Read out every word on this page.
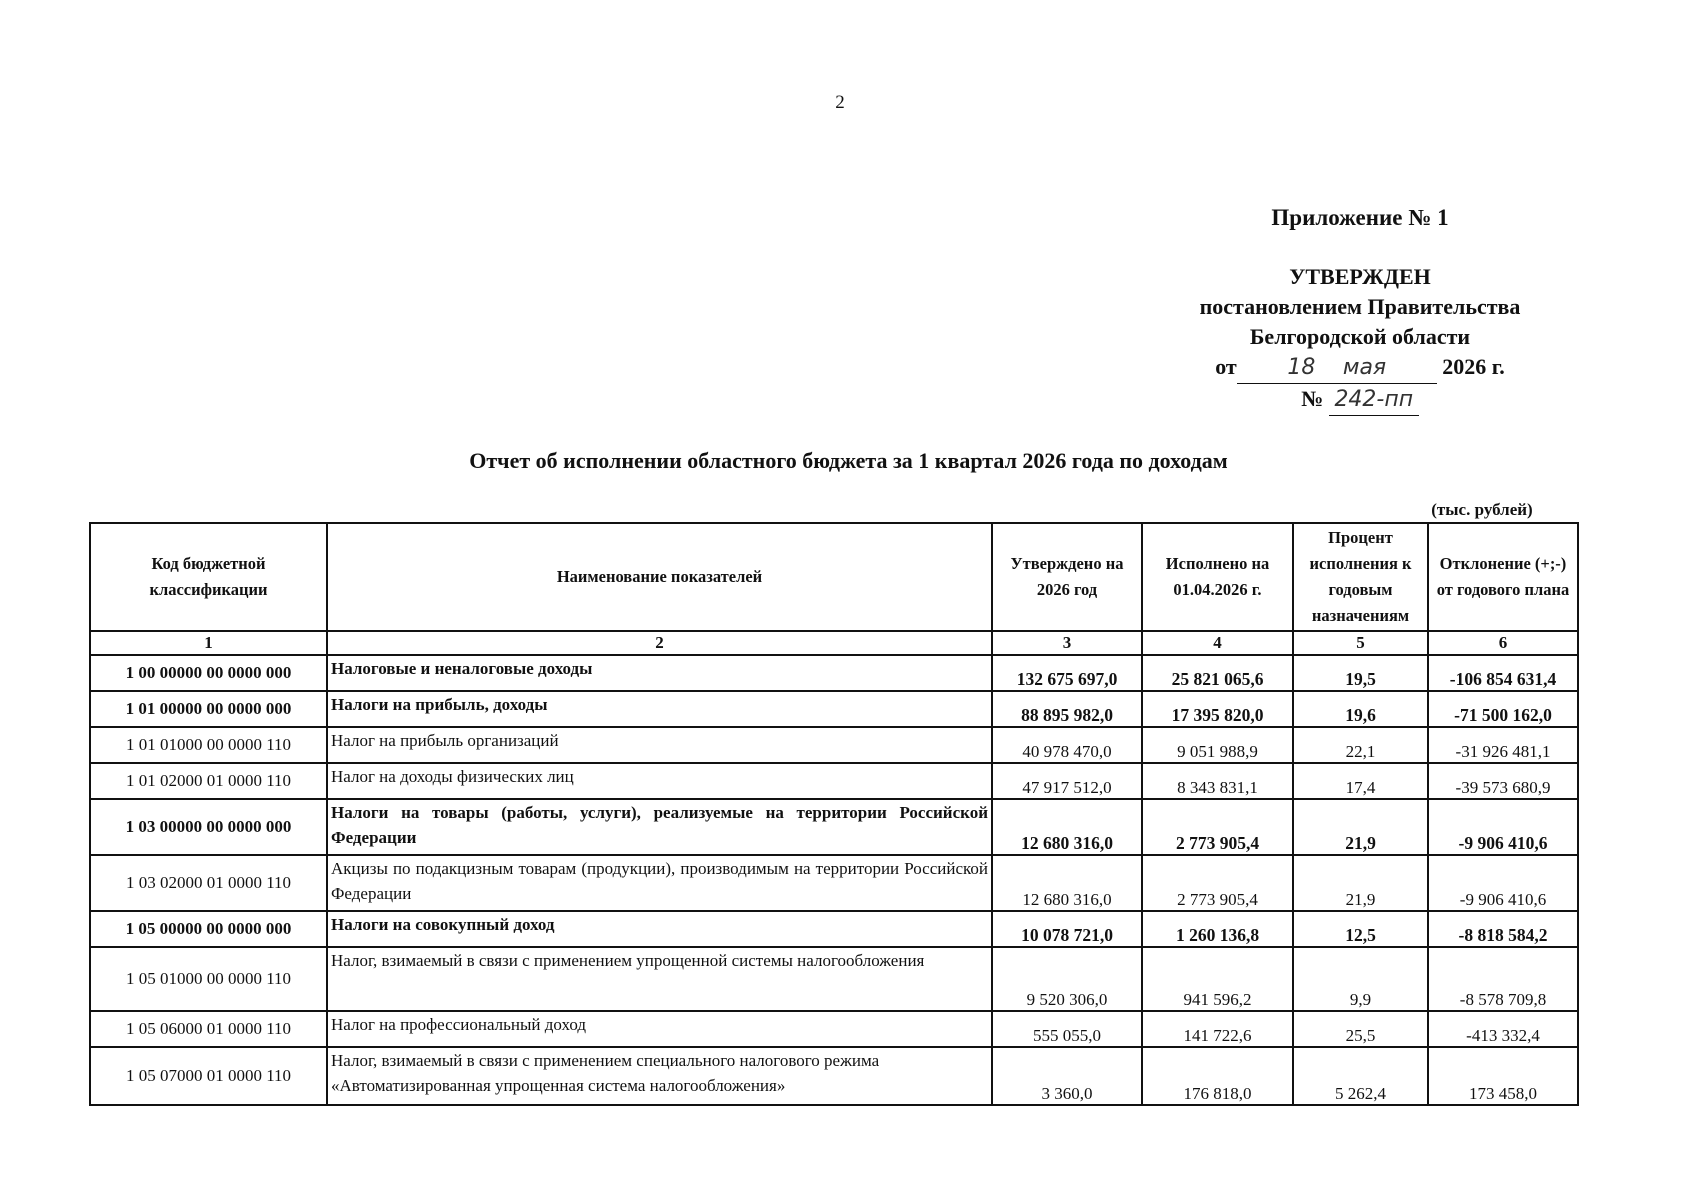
2
Приложение № 1
УТВЕРЖДЕН
постановлением Правительства
Белгородской области
от 18 мая	2026 г.
№ 242-пп
Отчет об исполнении областного бюджета за 1 квартал 2026 года по доходам
(тыс. рублей)
Код бюджетной классификации	Наименование показателей	Утверждено на 2026 год	Исполнено на 01.04.2026 г.	Процент исполнения к годовым назначениям	Отклонение (+;-) от годового плана
1	2	3	4	5	6
1 00 00000 00 0000 000	Налоговые и неналоговые доходы	132 675 697,0	25 821 065,6	19,5	-106 854 631,4
1 01 00000 00 0000 000	Налоги на прибыль, доходы	88 895 982,0	17 395 820,0	19,6	-71 500 162,0
1 01 01000 00 0000 110	Налог на прибыль организаций	40 978 470,0	9 051 988,9	22,1	-31 926 481,1
1 01 02000 01 0000 110	Налог на доходы физических лиц	47 917 512,0	8 343 831,1	17,4	-39 573 680,9
1 03 00000 00 0000 000	Налоги на товары (работы, услуги), реализуемые на территории Российской Федерации	12 680 316,0	2 773 905,4	21,9	-9 906 410,6
1 03 02000 01 0000 110	Акцизы по подакцизным товарам (продукции), производимым на территории Российской Федерации	12 680 316,0	2 773 905,4	21,9	-9 906 410,6
1 05 00000 00 0000 000	Налоги на совокупный доход	10 078 721,0	1 260 136,8	12,5	-8 818 584,2
1 05 01000 00 0000 110	Налог, взимаемый в связи с применением упрощенной системы налогообложения	9 520 306,0	941 596,2	9,9	-8 578 709,8
1 05 06000 01 0000 110	Налог на профессиональный доход	555 055,0	141 722,6	25,5	-413 332,4
1 05 07000 01 0000 110	Налог, взимаемый в связи с применением специального налогового режима «Автоматизированная упрощенная система налогообложения»	3 360,0	176 818,0	5 262,4	173 458,0
